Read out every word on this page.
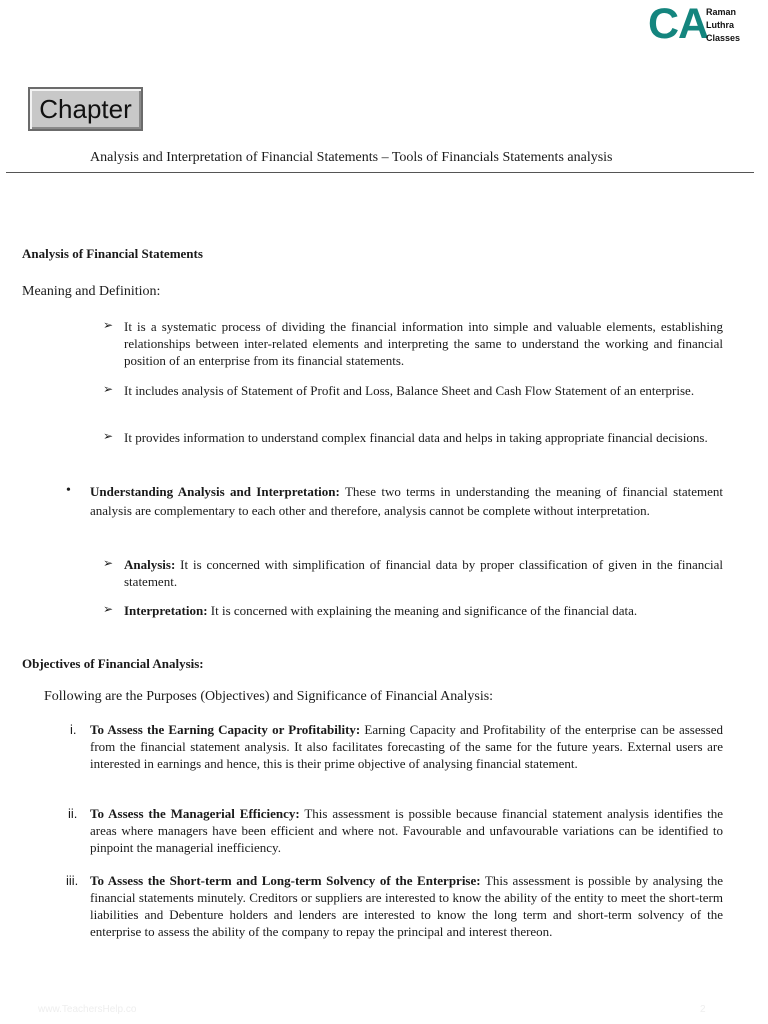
CA
Raman
Luthra
Classes
Chapter
Analysis and Interpretation of Financial Statements – Tools of Financials Statements analysis
Analysis of Financial Statements
Meaning and Definition:
➢ It is a systematic process of dividing the financial information into simple and valuable elements, establishing relationships between inter-related elements and interpreting the same to understand the working and financial position of an enterprise from its financial statements.
➢ It includes analysis of Statement of Profit and Loss, Balance Sheet and Cash Flow Statement of an enterprise.
➢ It provides information to understand complex financial data and helps in taking appropriate financial decisions.
• Understanding Analysis and Interpretation: These two terms in understanding the meaning of financial statement analysis are complementary to each other and therefore, analysis cannot be complete without interpretation.
➢ Analysis: It is concerned with simplification of financial data by proper classification of given in the financial statement.
➢ Interpretation: It is concerned with explaining the meaning and significance of the financial data.
Objectives of Financial Analysis:
Following are the Purposes (Objectives) and Significance of Financial Analysis:
i. To Assess the Earning Capacity or Profitability: Earning Capacity and Profitability of the enterprise can be assessed from the financial statement analysis. It also facilitates forecasting of the same for the future years. External users are interested in earnings and hence, this is their prime objective of analysing financial statement.
ii. To Assess the Managerial Efficiency: This assessment is possible because financial statement analysis identifies the areas where managers have been efficient and where not. Favourable and unfavourable variations can be identified to pinpoint the managerial inefficiency.
iii. To Assess the Short-term and Long-term Solvency of the Enterprise: This assessment is possible by analysing the financial statements minutely. Creditors or suppliers are interested to know the ability of the entity to meet the short-term liabilities and Debenture holders and lenders are interested to know the long term and short-term solvency of the enterprise to assess the ability of the company to repay the principal and interest thereon.
www.TeachersHelp.co	2
